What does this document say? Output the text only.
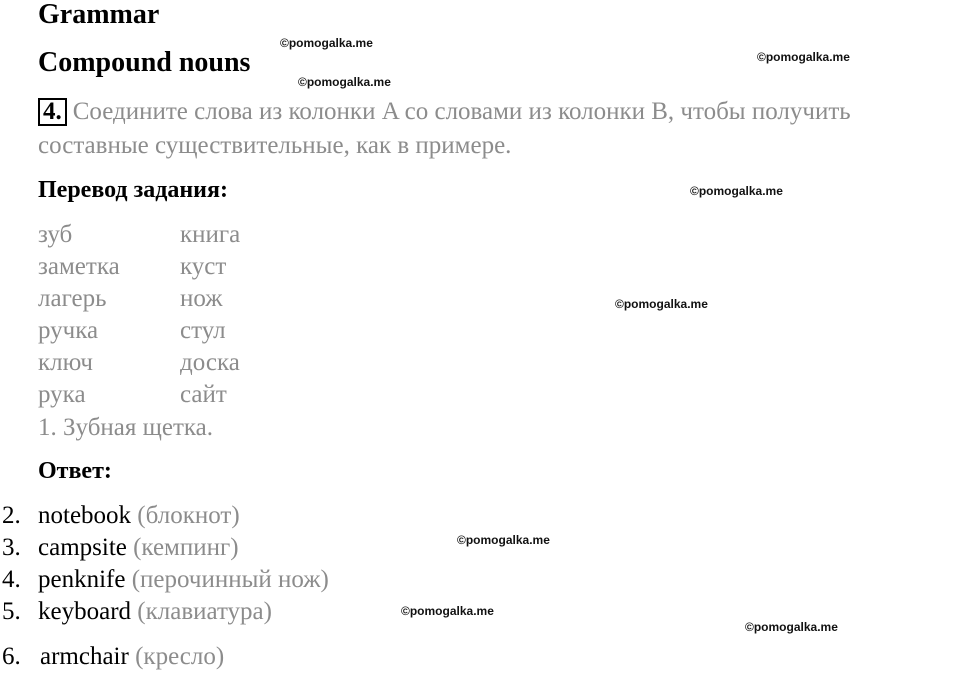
Grammar
Compound nouns
4. Соедините слова из колонки A со словами из колонки B, чтобы получить
составные существительные, как в примере.
Перевод задания:
зуб
заметка
лагерь
ручка
ключ
рука
книга
куст
нож
стул
доска
сайт
1. Зубная щетка.
Ответ:
2. notebook (блокнот)
3. campsite (кемпинг)
4. penknife (перочинный нож)
5. keyboard (клавиатура)
6. armchair (кресло)
©pomogalka.me
©pomogalka.me
©pomogalka.me
©pomogalka.me
©pomogalka.me
©pomogalka.me
©pomogalka.me
©pomogalka.me
